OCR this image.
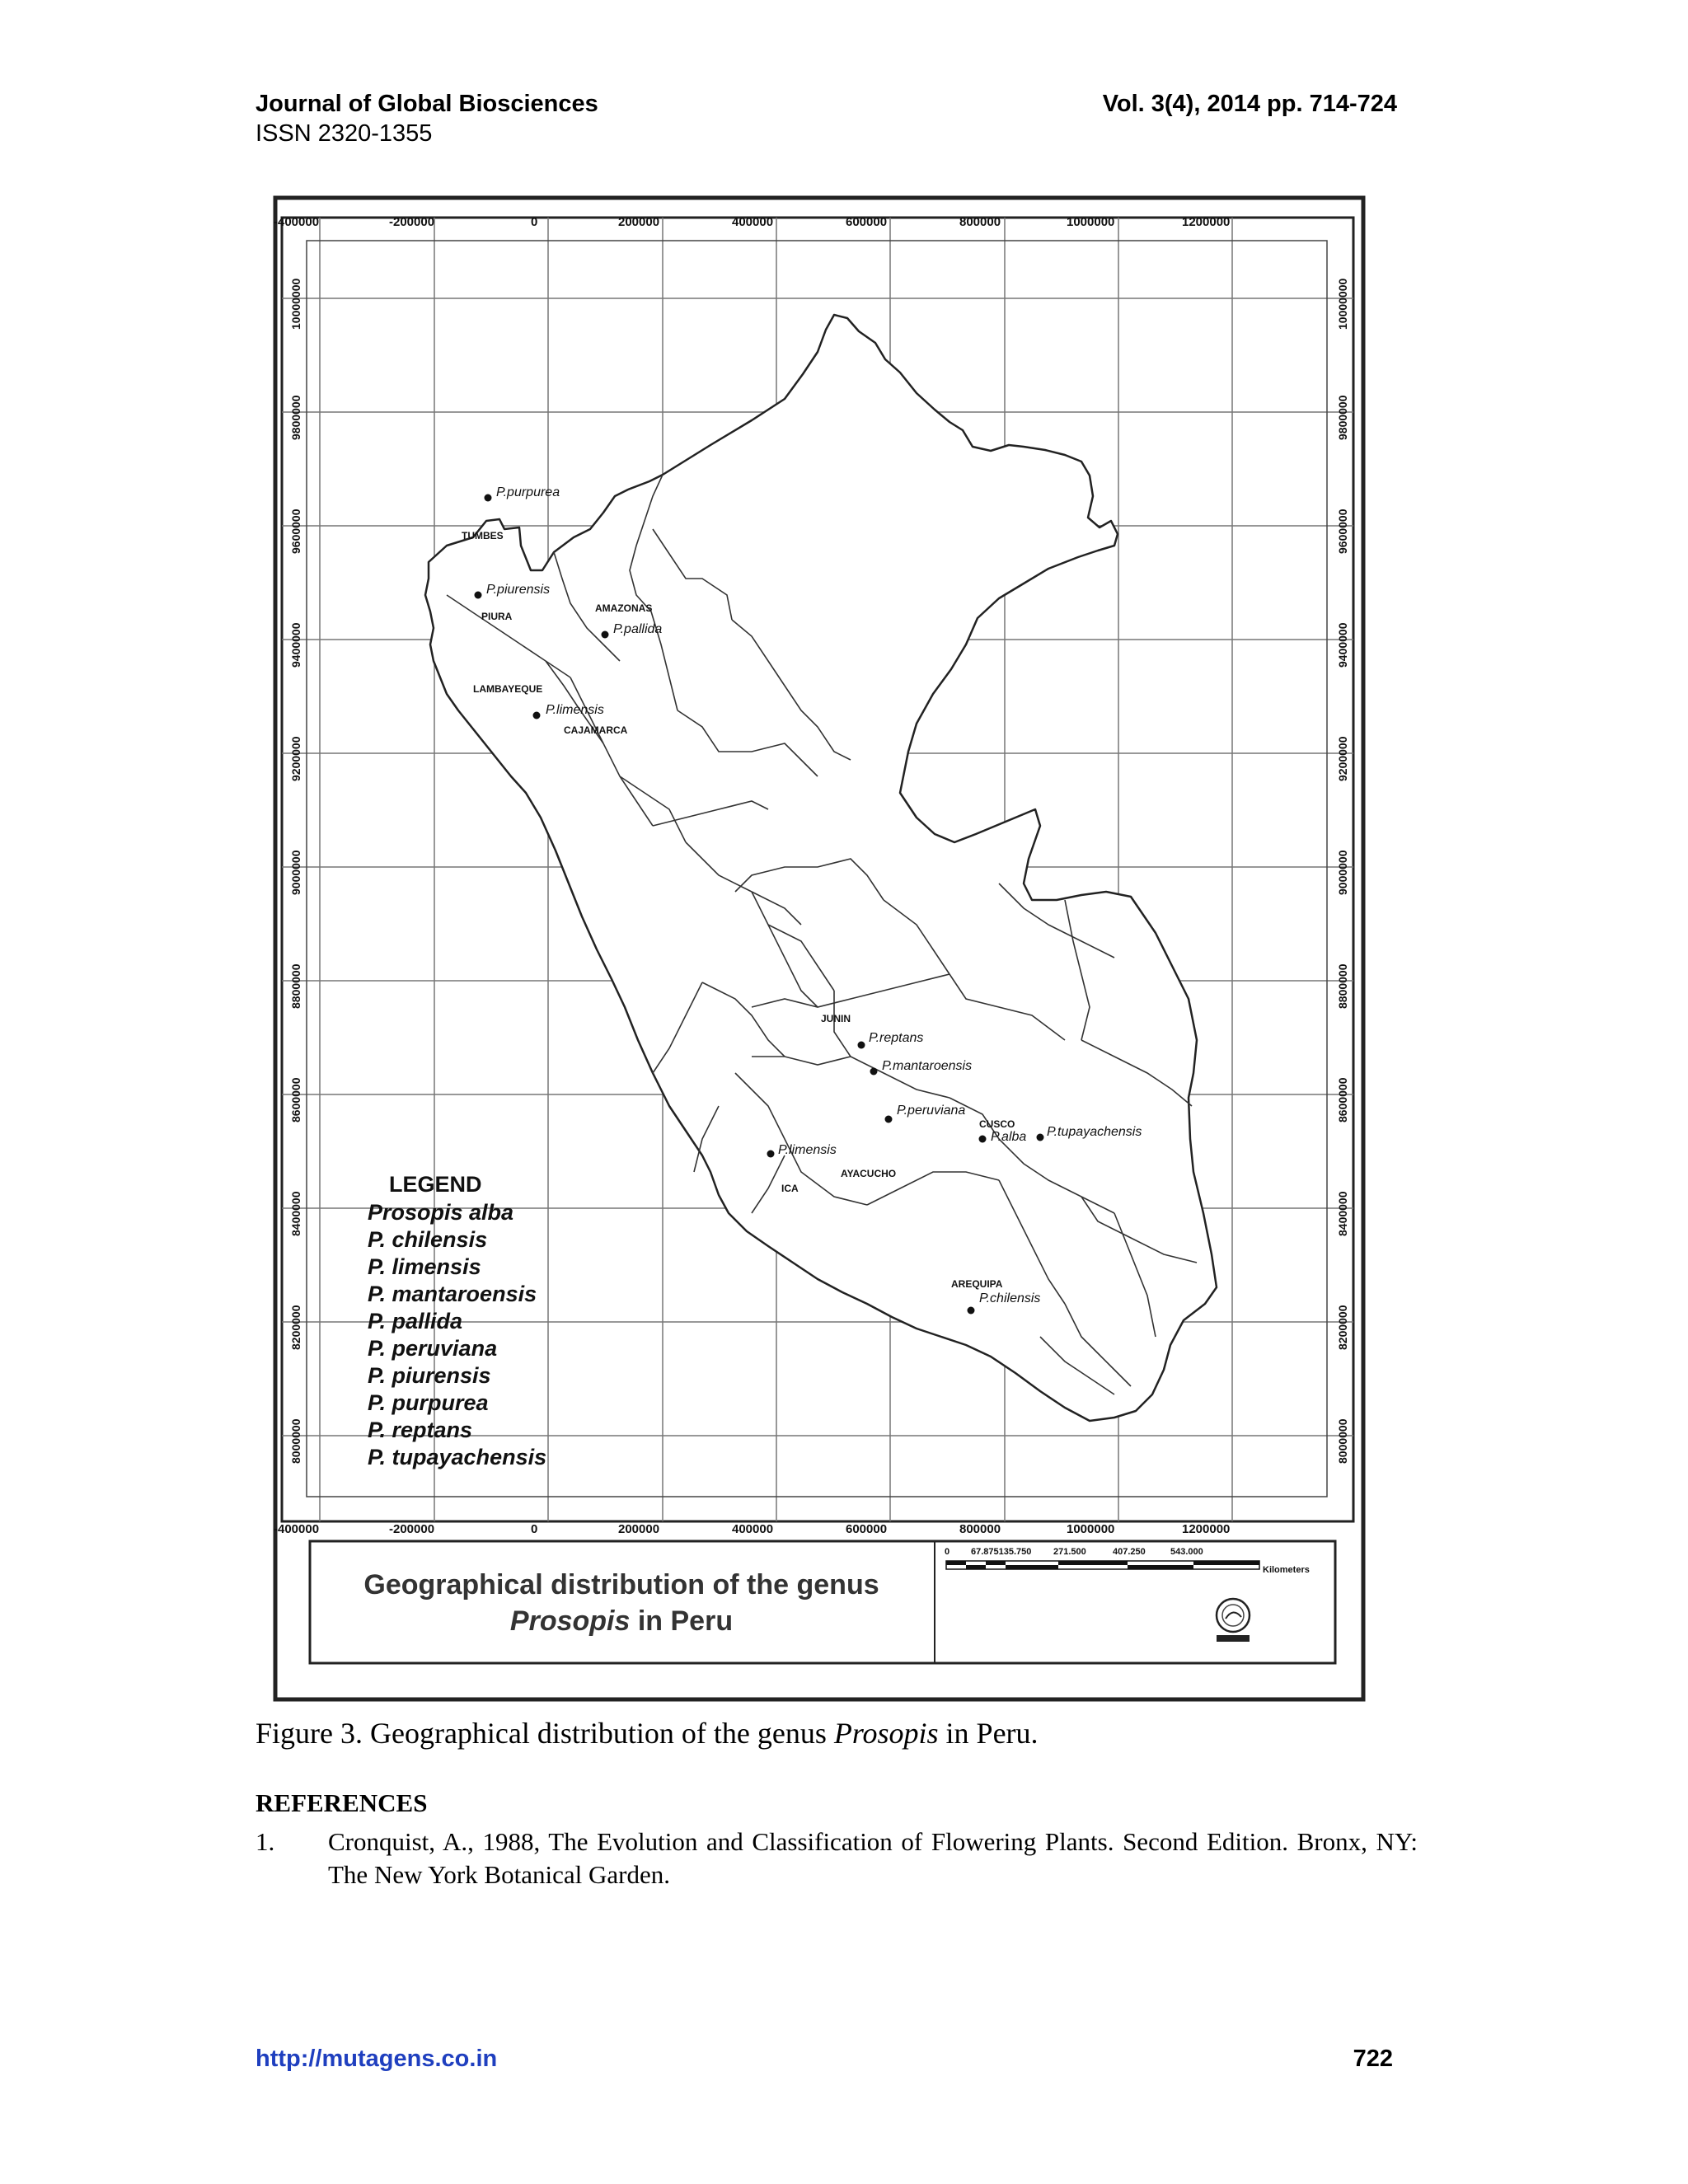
Journal of Global Biosciences
ISSN 2320-1355
Vol. 3(4), 2014 pp. 714-724
-400000	-200000	0	200000	400000	600000	800000	1000000	1200000
-400000	-200000	0	200000	400000	600000	800000	1000000	1200000
10000000
9800000
9600000
9400000
9200000
9000000
8800000
8600000
8400000
8200000
8000000
10000000
9800000
9600000
9400000
9200000
9000000
8800000
8600000
8400000
8200000
8000000
TUMBES
PIURA
AMAZONAS
LAMBAYEQUE
CAJAMARCA
JUNIN
CUSCO
ICA
AYACUCHO
AREQUIPA
P.purpurea
P.piurensis
P.pallida
P.limensis
P.reptans
P.mantaroensis
P.peruviana
P.alba P.tupayachensis
P.limensis
P.chilensis
LEGEND
Prosopis alba
P. chilensis
P. limensis
P. mantaroensis
P. pallida
P. peruviana
P. piurensis
P. purpurea
P. reptans
P. tupayachensis
Geographical distribution of the genus
Prosopis in Peru
0 67.875135.750 271.500	407.250	543.000
Kilometers
Figure 3. Geographical distribution of the genus Prosopis in Peru.
REFERENCES
1. Cronquist, A., 1988, The Evolution and Classification of Flowering Plants. Second Edition. Bronx, NY: The New York Botanical Garden.
http://mutagens.co.in	722
